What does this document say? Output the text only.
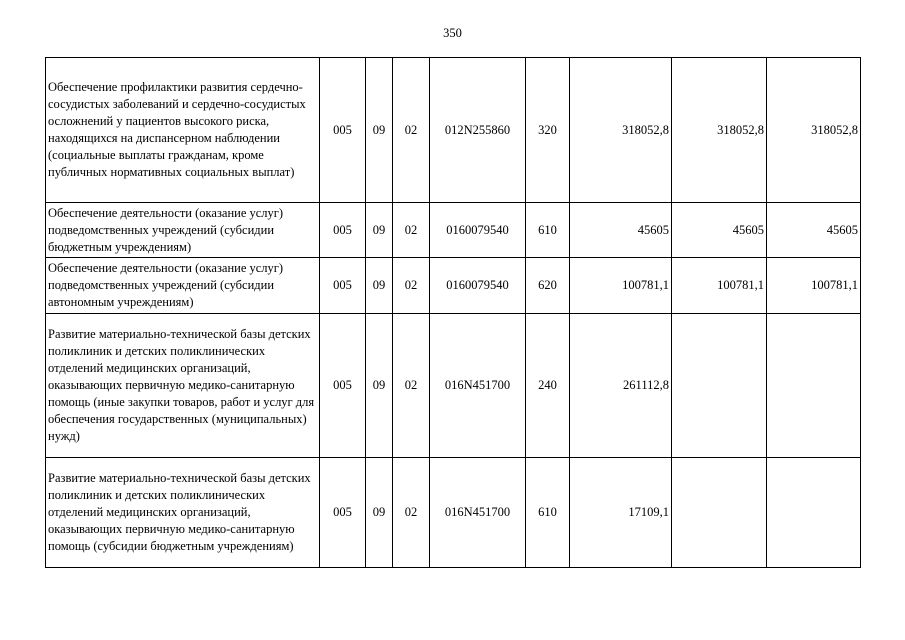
350
Обеспечение профилактики развития сердечно-сосудистых заболеваний и сердечно-сосудистых осложнений у пациентов высокого риска, находящихся на диспансерном наблюдении (социальные выплаты гражданам, кроме публичных нормативных социальных выплат)	005	09	02	012N255860	320	318052,8	318052,8	318052,8
Обеспечение деятельности (оказание услуг) подведомственных учреждений (субсидии бюджетным учреждениям)	005	09	02	0160079540	610	45605	45605	45605
Обеспечение деятельности (оказание услуг) подведомственных учреждений (субсидии автономным учреждениям)	005	09	02	0160079540	620	100781,1	100781,1	100781,1
Развитие материально-технической базы детских поликлиник и детских поликлинических отделений медицинских организаций, оказывающих первичную медико-санитарную помощь (иные закупки товаров, работ и услуг для обеспечения государственных (муниципальных) нужд)	005	09	02	016N451700	240	261112,8		
Развитие материально-технической базы детских поликлиник и детских поликлинических отделений медицинских организаций, оказывающих первичную медико-санитарную помощь (субсидии бюджетным учреждениям)	005	09	02	016N451700	610	17109,1		
